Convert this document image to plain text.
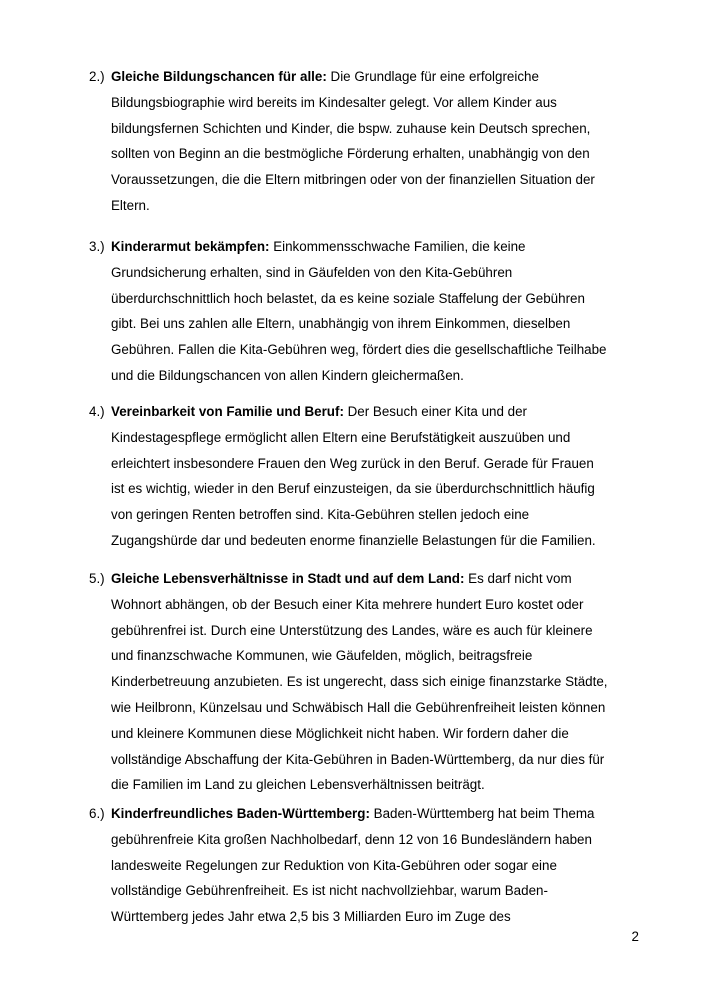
2.) Gleiche Bildungschancen für alle: Die Grundlage für eine erfolgreiche
Bildungsbiographie wird bereits im Kindesalter gelegt. Vor allem Kinder aus
bildungsfernen Schichten und Kinder, die bspw. zuhause kein Deutsch sprechen,
sollten von Beginn an die bestmögliche Förderung erhalten, unabhängig von den
Voraussetzungen, die die Eltern mitbringen oder von der finanziellen Situation der
Eltern.
3.) Kinderarmut bekämpfen: Einkommensschwache Familien, die keine
Grundsicherung erhalten, sind in Gäufelden von den Kita-Gebühren
überdurchschnittlich hoch belastet, da es keine soziale Staffelung der Gebühren
gibt. Bei uns zahlen alle Eltern, unabhängig von ihrem Einkommen, dieselben
Gebühren. Fallen die Kita-Gebühren weg, fördert dies die gesellschaftliche Teilhabe
und die Bildungschancen von allen Kindern gleichermaßen.
4.) Vereinbarkeit von Familie und Beruf: Der Besuch einer Kita und der
Kindestagespflege ermöglicht allen Eltern eine Berufstätigkeit auszuüben und
erleichtert insbesondere Frauen den Weg zurück in den Beruf. Gerade für Frauen
ist es wichtig, wieder in den Beruf einzusteigen, da sie überdurchschnittlich häufig
von geringen Renten betroffen sind. Kita-Gebühren stellen jedoch eine
Zugangshürde dar und bedeuten enorme finanzielle Belastungen für die Familien.
5.) Gleiche Lebensverhältnisse in Stadt und auf dem Land: Es darf nicht vom
Wohnort abhängen, ob der Besuch einer Kita mehrere hundert Euro kostet oder
gebührenfrei ist. Durch eine Unterstützung des Landes, wäre es auch für kleinere
und finanzschwache Kommunen, wie Gäufelden, möglich, beitragsfreie
Kinderbetreuung anzubieten. Es ist ungerecht, dass sich einige finanzstarke Städte,
wie Heilbronn, Künzelsau und Schwäbisch Hall die Gebührenfreiheit leisten können
und kleinere Kommunen diese Möglichkeit nicht haben. Wir fordern daher die
vollständige Abschaffung der Kita-Gebühren in Baden-Württemberg, da nur dies für
die Familien im Land zu gleichen Lebensverhältnissen beiträgt.
6.) Kinderfreundliches Baden-Württemberg: Baden-Württemberg hat beim Thema
gebührenfreie Kita großen Nachholbedarf, denn 12 von 16 Bundesländern haben
landesweite Regelungen zur Reduktion von Kita-Gebühren oder sogar eine
vollständige Gebührenfreiheit. Es ist nicht nachvollziehbar, warum Baden-
Württemberg jedes Jahr etwa 2,5 bis 3 Milliarden Euro im Zuge des
2
